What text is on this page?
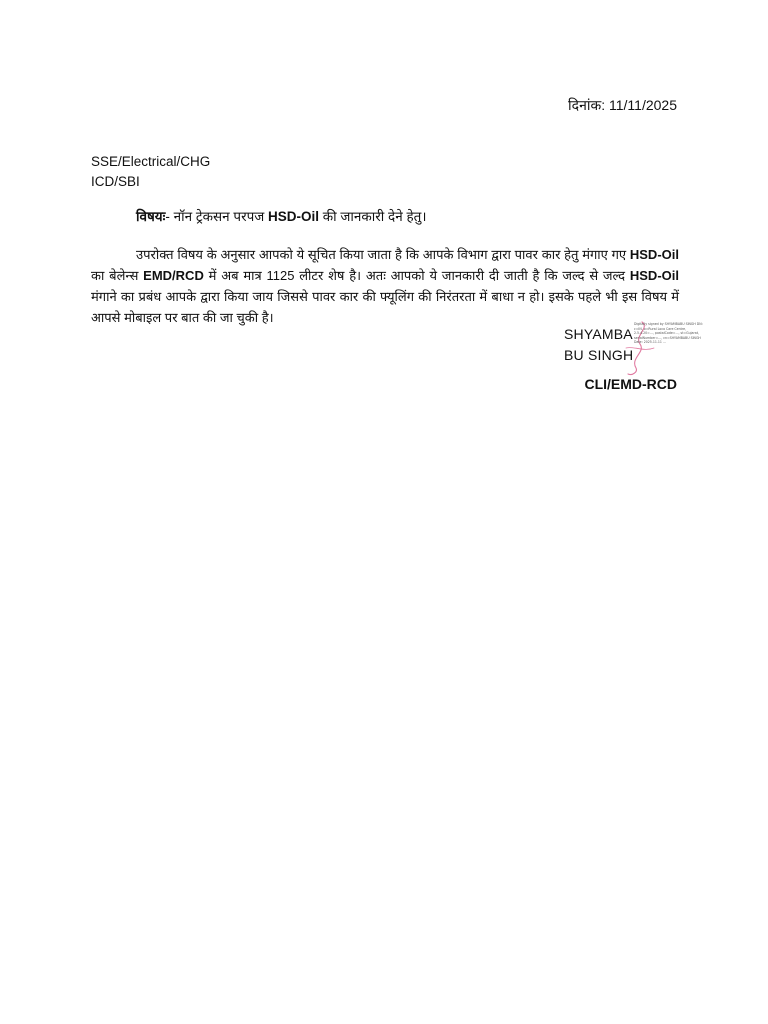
दिनांक: 11/11/2025
SSE/Electrical/CHG
ICD/SBI
विषयः- नॉन ट्रेकसन परपज HSD-Oil की जानकारी देने हेतु।
उपरोक्त विषय के अनुसार आपको ये सूचित किया जाता है कि आपके विभाग द्वारा पावर कार हेतु मंगाए गए HSD-Oil का बेलेन्स EMD/RCD में अब मात्र 1125 लीटर शेष है। अतः आपको ये जानकारी दी जाती है कि जल्द से जल्द HSD-Oil मंगाने का प्रबंध आपके द्वारा किया जाय जिससे पावर कार की फ्यूलिंग की निरंतरता में बाधा न हो। इसके पहले भी इस विषय में आपसे मोबाइल पर बात की जा चुकी है।
SHYAMBA BU SINGH
Digitally signed by SHYAMBABU SINGH DN: c=IN, o=Rural Loco Care Centre, 2.5.4.20=..., postalCode=..., st=Gujarat, serialNumber=..., cn=SHYAMBABU SINGH Date: 2025.11.11 ...
CLI/EMD-RCD
